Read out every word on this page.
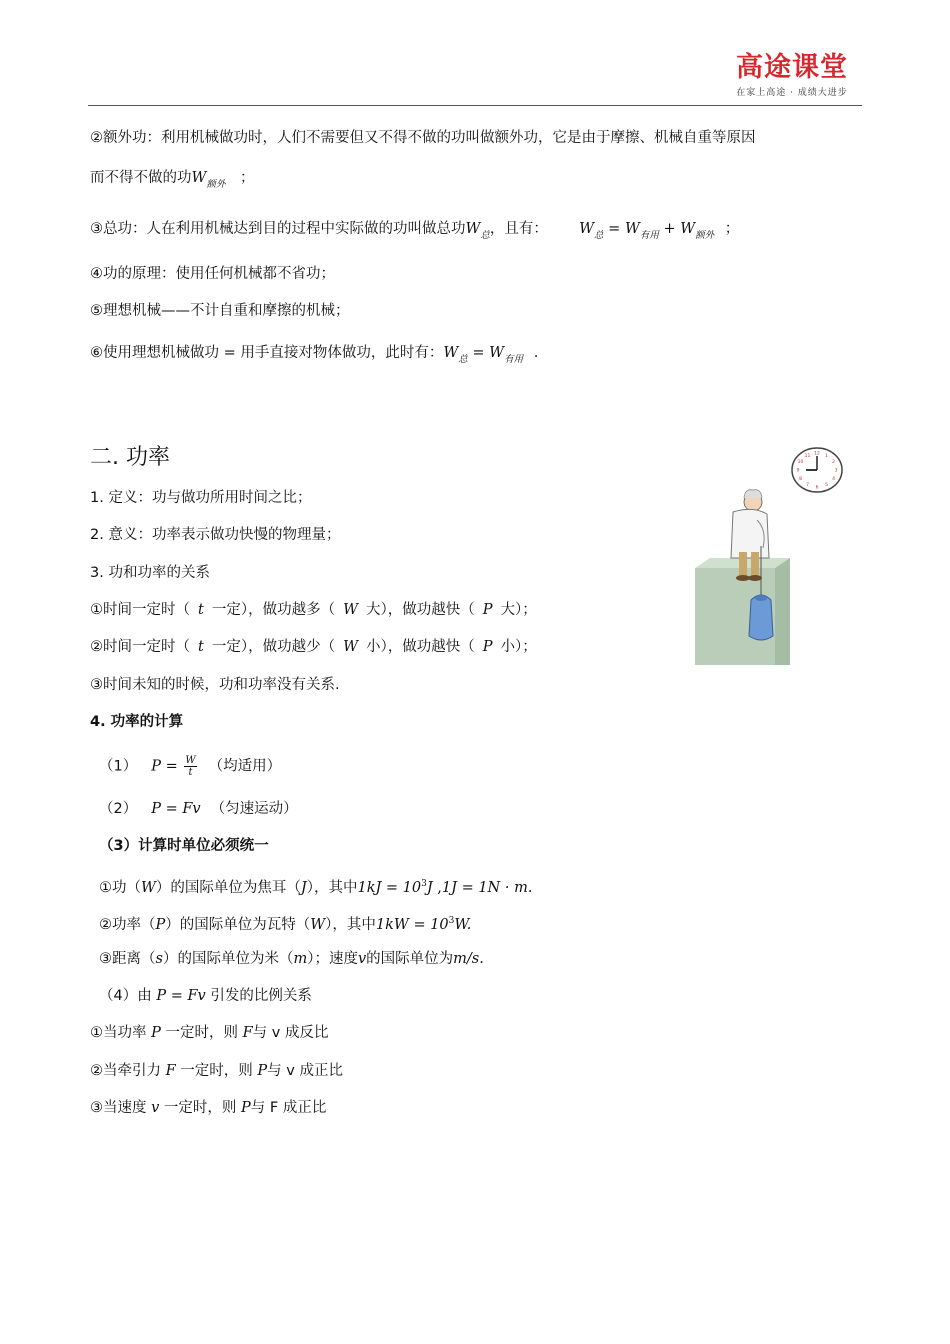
高途课堂
在家上高途 · 成绩大进步
②额外功：利用机械做功时，人们不需要但又不得不做的功叫做额外功，它是由于摩擦、机械自重等原因
而不得不做的功$W_{额外}$ ；
③总功：人在利用机械达到目的过程中实际做的功叫做总功$W_总$，且有： $W_总 = W_{有用} + W_{额外}$ ；
④功的原理：使用任何机械都不省功；
⑤理想机械——不计自重和摩擦的机械；
⑥使用理想机械做功 = 用手直接对物体做功，此时有：$W_总 = W_{有用}$ .
二. 功率
1. 定义：功与做功所用时间之比；
2. 意义：功率表示做功快慢的物理量；
3. 功和功率的关系
①时间一定时（ t 一定），做功越多（ W 大），做功越快（ P 大）；
②时间一定时（ t 一定），做功越少（ W 小），做功越快（ P 小）；
③时间未知的时候，功和功率没有关系.
4. 功率的计算
（1） $P = \frac{W}{t}$ （均适用）
（2） P = Fv （匀速运动）
（3）计算时单位必须统一
①功（W）的国际单位为焦耳（J），其中$1kJ = 10^3J$ ,1J = 1N · m.
②功率（P）的国际单位为瓦特（W），其中$1kW = 10^3W$.
③距离（s）的国际单位为米（m）；速度v的国际单位为m/s.
（4）由 P = Fv 引发的比例关系
①当功率 P 一定时，则 F与 v 成反比
②当牵引力 F 一定时，则 P与 v 成正比
③当速度 v 一定时，则 P与 F 成正比
12 1
2
3
4
5
6
7
8
9
10
11
